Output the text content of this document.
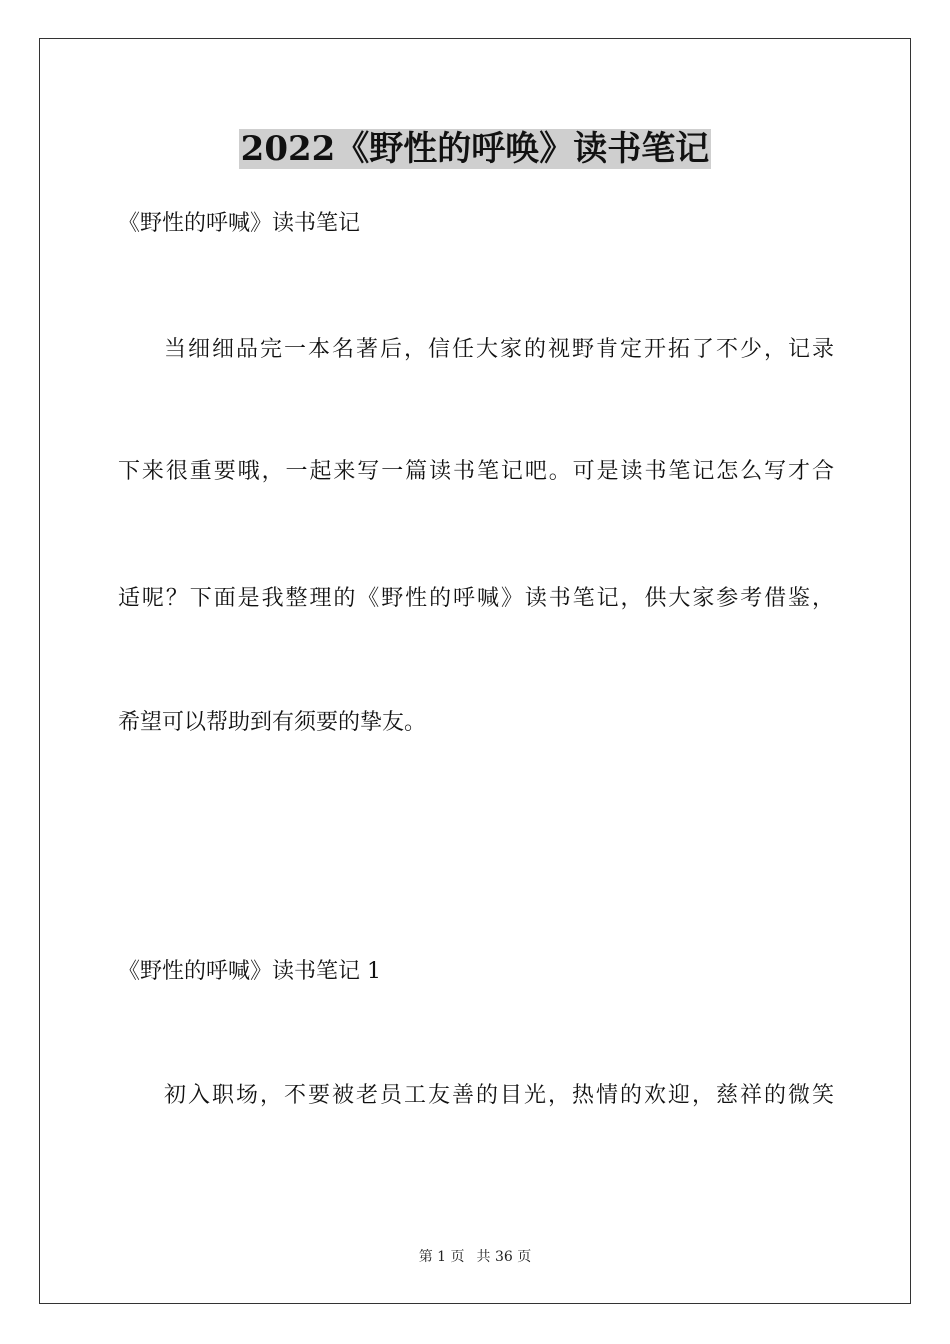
2022《野性的呼唤》读书笔记

《野性的呼喊》读书笔记

当细细品完一本名著后，信任大家的视野肯定开拓了不少，记录

下来很重要哦，一起来写一篇读书笔记吧。可是读书笔记怎么写才合

适呢？下面是我整理的《野性的呼喊》读书笔记，供大家参考借鉴，

希望可以帮助到有须要的挚友。

《野性的呼喊》读书笔记 1

初入职场，不要被老员工友善的目光，热情的欢迎，慈祥的微笑

第 1 页 共 36 页
